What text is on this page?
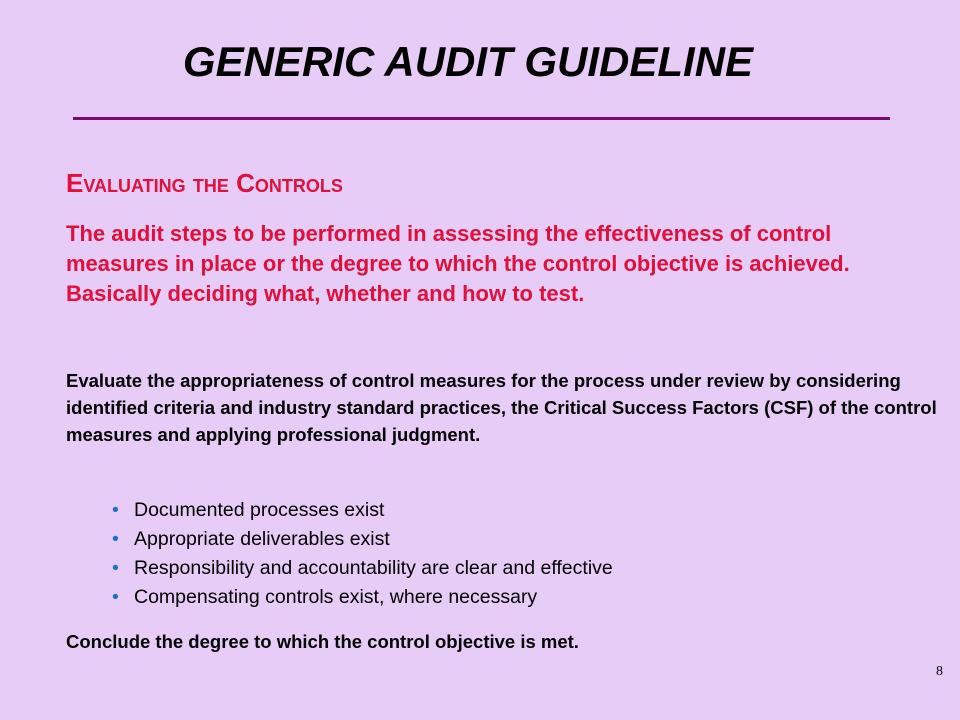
GENERIC AUDIT GUIDELINE
Evaluating the Controls
The audit steps to be performed in assessing the effectiveness of control measures in place or the degree to which the control objective is achieved. Basically deciding what, whether and how to test.
Evaluate the appropriateness of control measures for the process under review by considering identified criteria and industry standard practices, the Critical Success Factors (CSF) of the control measures and applying professional judgment.
• Documented processes exist
• Appropriate deliverables exist
• Responsibility and accountability are clear and effective
• Compensating controls exist, where necessary
Conclude the degree to which the control objective is met.
8
